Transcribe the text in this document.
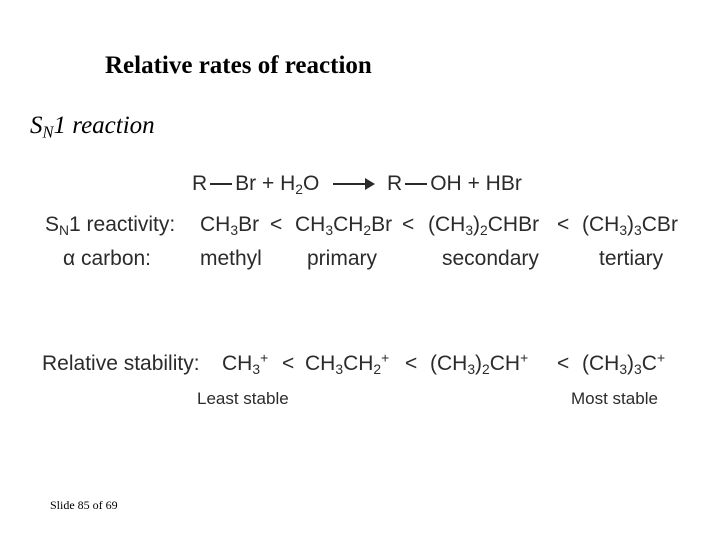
Relative rates of reaction
$S_N1$ reaction
R $Br + H_2O \to R$ OH + HBr
$S_N1$ reactivity: $CH_3Br < CH_3CH_2Br$ < $(CH_3)_2CHBr < (CH_3)_3CBr$
α carbon: methyl primary	secondary	tertiary
Relative stability: $CH_3^+ < CH_3CH_2^+ < (CH_3)_2CH^+ < (CH_3)_3C^+$
Least stable	Most stable
Slide 85 of 69
